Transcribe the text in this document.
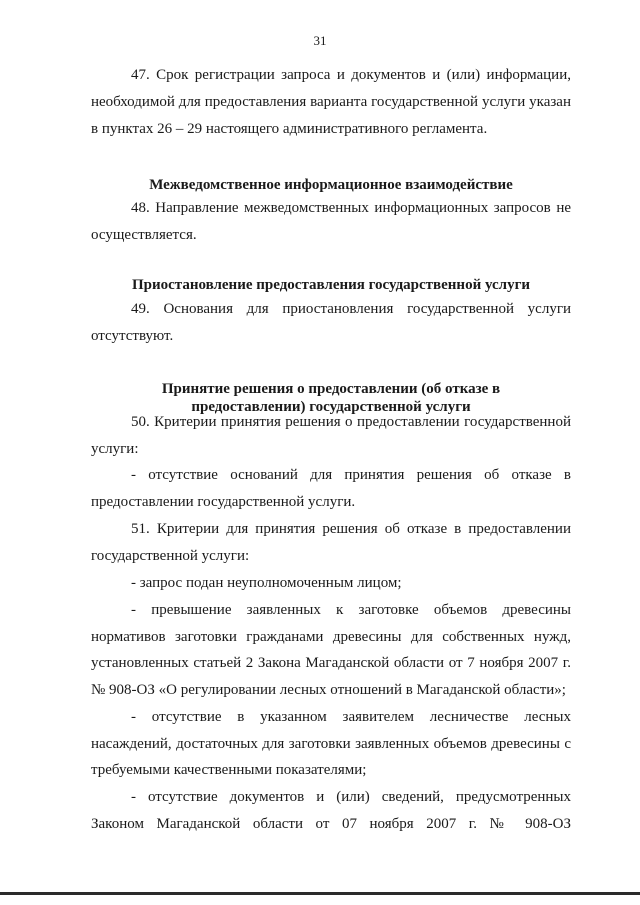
31
47. Срок регистрации запроса и документов и (или) информации,
необходимой для предоставления варианта государственной услуги указан
в пунктах 26 – 29 настоящего административного регламента.
Межведомственное информационное взаимодействие
48. Направление межведомственных информационных запросов не
осуществляется.
Приостановление предоставления государственной услуги
49. Основания для приостановления государственной услуги
отсутствуют.
Принятие решения о предоставлении (об отказе в
предоставлении) государственной услуги
50. Критерии принятия решения о предоставлении государственной
услуги:
- отсутствие оснований для принятия решения об отказе в
предоставлении государственной услуги.
51. Критерии для принятия решения об отказе в предоставлении
государственной услуги:
- запрос подан неуполномоченным лицом;
- превышение заявленных к заготовке объемов древесины
нормативов заготовки гражданами древесины для собственных нужд,
установленных статьей 2 Закона Магаданской области от 7 ноября 2007 г.
№ 908-ОЗ «О регулировании лесных отношений в Магаданской области»;
- отсутствие в указанном заявителем лесничестве лесных
насаждений, достаточных для заготовки заявленных объемов древесины с
требуемыми качественными показателями;
- отсутствие документов и (или) сведений, предусмотренных
Законом Магаданской области от 07 ноября 2007 г. № 908-ОЗ
